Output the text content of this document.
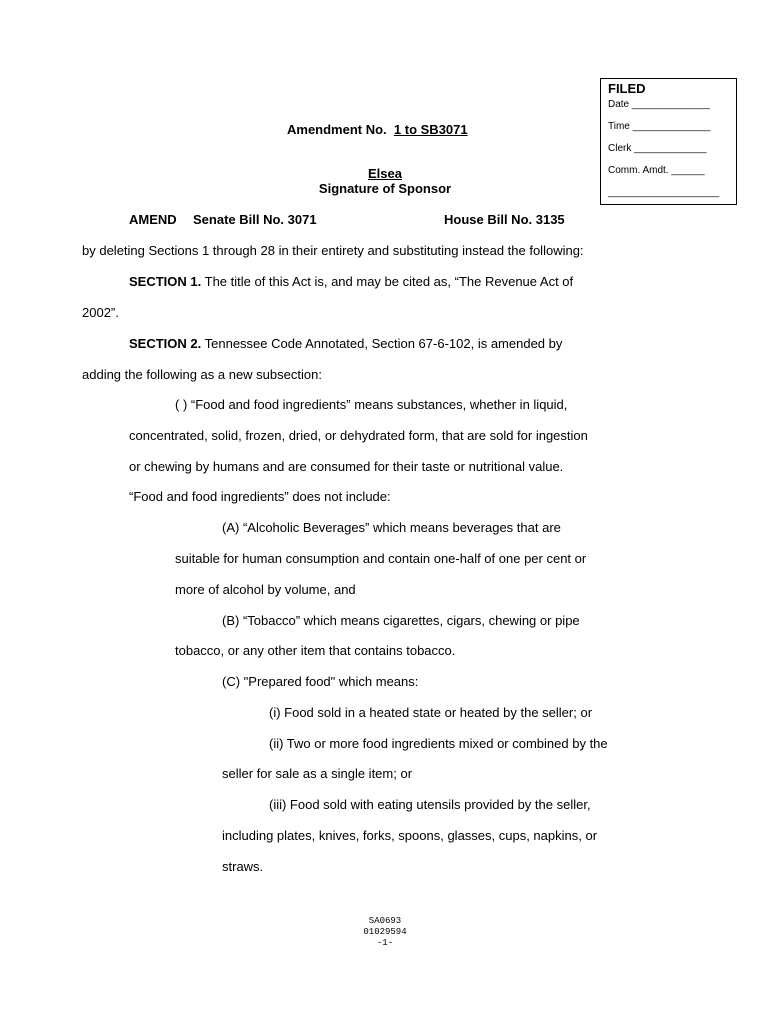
FILED
Date ______________
Time ______________
Clerk _____________
Comm. Amdt. ______
____________________
Amendment No. 1 to SB3071
Elsea
Signature of Sponsor
AMEND Senate Bill No. 3071	House Bill No. 3135
by deleting Sections 1 through 28 in their entirety and substituting instead the following:
SECTION 1. The title of this Act is, and may be cited as, “The Revenue Act of
2002”.
SECTION 2. Tennessee Code Annotated, Section 67-6-102, is amended by
adding the following as a new subsection:
( ) “Food and food ingredients” means substances, whether in liquid,
concentrated, solid, frozen, dried, or dehydrated form, that are sold for ingestion
or chewing by humans and are consumed for their taste or nutritional value.
“Food and food ingredients” does not include:
(A) “Alcoholic Beverages” which means beverages that are
suitable for human consumption and contain one-half of one per cent or
more of alcohol by volume, and
(B) “Tobacco” which means cigarettes, cigars, chewing or pipe
tobacco, or any other item that contains tobacco.
(C) "Prepared food" which means:
(i) Food sold in a heated state or heated by the seller; or
(ii) Two or more food ingredients mixed or combined by the
seller for sale as a single item; or
(iii) Food sold with eating utensils provided by the seller,
including plates, knives, forks, spoons, glasses, cups, napkins, or
straws.
SA0693
01029594
-1-
